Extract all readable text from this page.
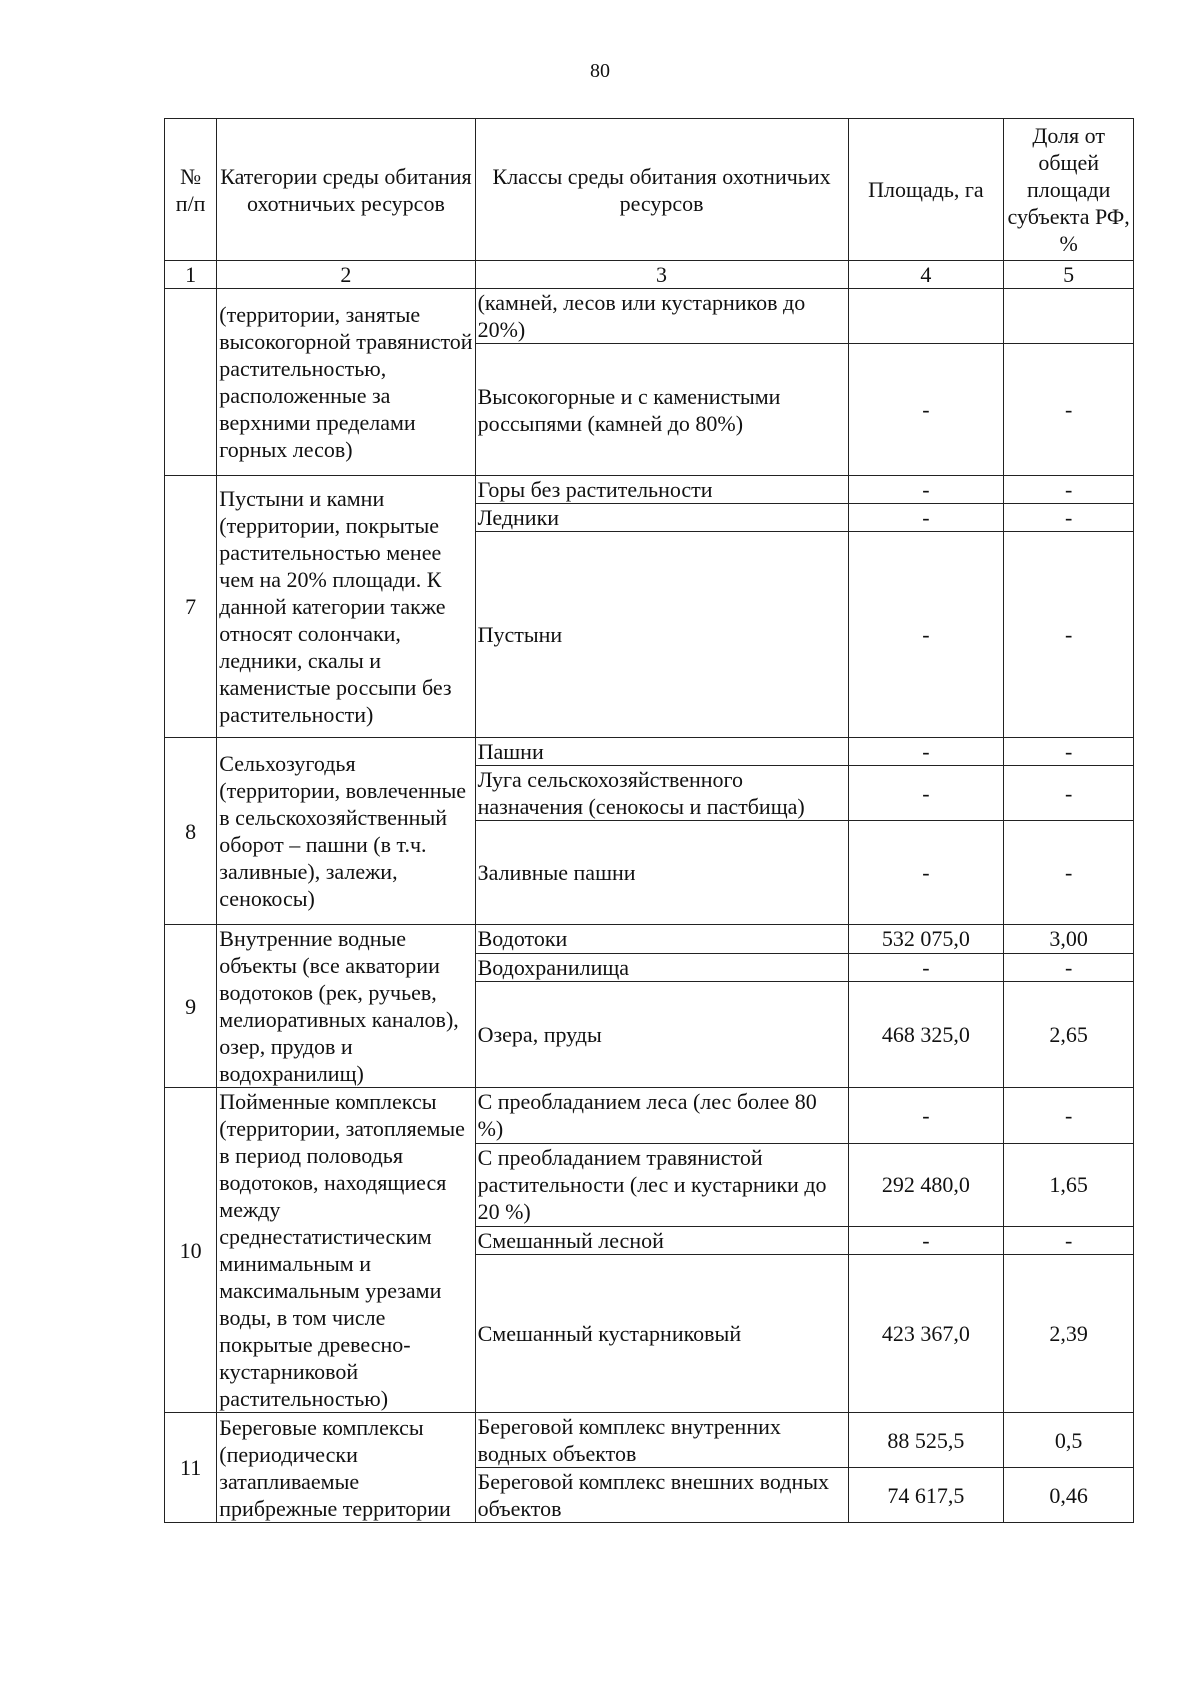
80
№
п/п	Категории среды обитания охотничьих ресурсов	Классы среды обитания охотничьих ресурсов	Площадь, га	Доля от общей площади субъекта РФ, %
1	2	3	4	5
	(территории, занятые высокогорной травянистой растительностью, расположенные за верхними пределами горных лесов)	(камней, лесов или кустарников до 20%)		
		Высокогорные и с каменистыми россыпями (камней до 80%)	-	-
7	Пустыни и камни (территории, покрытые растительностью менее чем на 20% площади. К данной категории также относят солончаки, ледники, скалы и каменистые россыпи без растительности)	Горы без растительности	-	-
		Ледники	-	-
		Пустыни	-	-
8	Сельхозугодья (территории, вовлеченные в сельскохозяйственный оборот – пашни (в т.ч. заливные), залежи, сенокосы)	Пашни	-	-
		Луга сельскохозяйственного назначения (сенокосы и пастбища)	-	-
		Заливные пашни	-	-
9	Внутренние водные объекты (все акватории водотоков (рек, ручьев, мелиоративных каналов), озер, прудов и водохранилищ)	Водотоки	532 075,0	3,00
		Водохранилища	-	-
		Озера, пруды	468 325,0	2,65
10	Пойменные комплексы (территории, затопляемые в период половодья водотоков, находящиеся между среднестатистическим минимальным и максимальным урезами воды, в том числе покрытые древесно-кустарниковой растительностью)	С преобладанием леса (лес более 80 %)	-	-
		С преобладанием травянистой растительности (лес и кустарники до 20 %)	292 480,0	1,65
		Смешанный лесной	-	-
		Смешанный кустарниковый	423 367,0	2,39
11	Береговые комплексы (периодически затапливаемые прибрежные территории	Береговой комплекс внутренних водных объектов	88 525,5	0,5
		Береговой комплекс внешних водных объектов	74 617,5	0,46
